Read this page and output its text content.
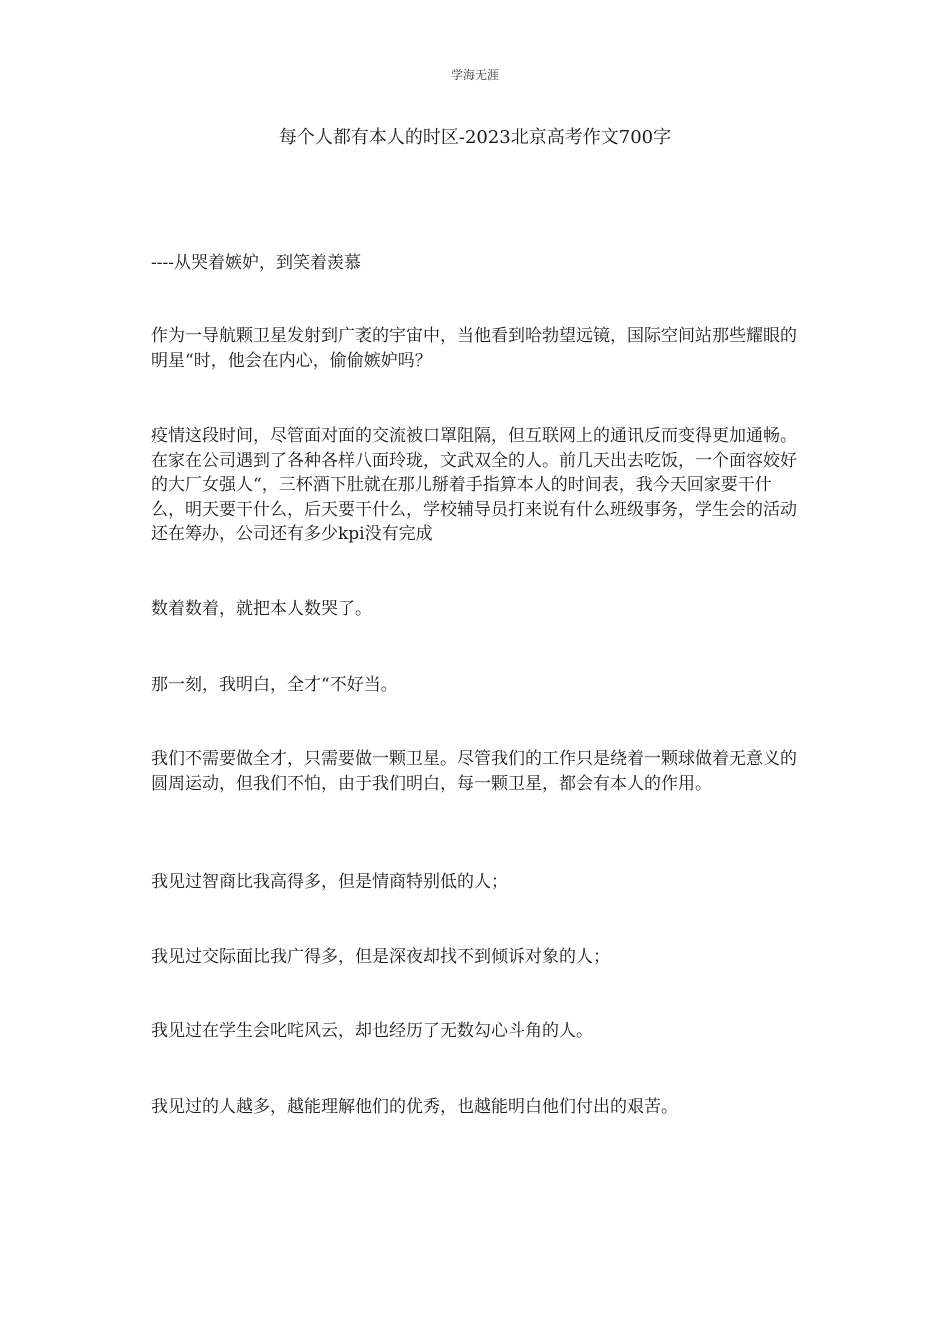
学海无涯
每个人都有本人的时区-2023北京高考作文700字

----从哭着嫉妒，到笑着羡慕

作为一导航颗卫星发射到广袤的宇宙中，当他看到哈勃望远镜，国际空间站那些耀眼的明星“时，他会在内心，偷偷嫉妒吗？

疫情这段时间，尽管面对面的交流被口罩阻隔，但互联网上的通讯反而变得更加通畅。在家在公司遇到了各种各样八面玲珑，文武双全的人。前几天出去吃饭，一个面容姣好的大厂女强人“，三杯酒下肚就在那儿掰着手指算本人的时间表，我今天回家要干什么，明天要干什么，后天要干什么，学校辅导员打来说有什么班级事务，学生会的活动还在筹办，公司还有多少kpi没有完成

数着数着，就把本人数哭了。

那一刻，我明白，全才“不好当。

我们不需要做全才，只需要做一颗卫星。尽管我们的工作只是绕着一颗球做着无意义的圆周运动，但我们不怕，由于我们明白，每一颗卫星，都会有本人的作用。

我见过智商比我高得多，但是情商特别低的人；

我见过交际面比我广得多，但是深夜却找不到倾诉对象的人；

我见过在学生会叱咤风云，却也经历了无数勾心斗角的人。

我见过的人越多，越能理解他们的优秀，也越能明白他们付出的艰苦。
